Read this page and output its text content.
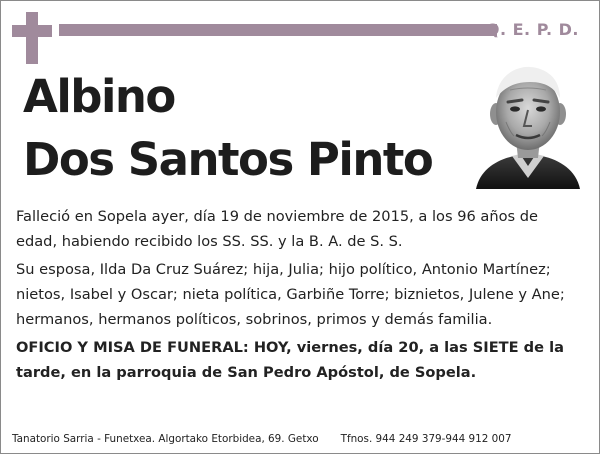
Q. E. P. D.
Albino
Dos Santos Pinto
Falleció en Sopela ayer, día 19 de noviembre de 2015, a los 96 años de edad, habiendo recibido los SS. SS. y la B. A. de S. S.
Su esposa, Ilda Da Cruz Suárez; hija, Julia; hijo político, Antonio Martínez; nietos, Isabel y Oscar; nieta política, Garbiñe Torre; biznietos, Julene y Ane; hermanos, hermanos políticos, sobrinos, primos y demás familia.
OFICIO Y MISA DE FUNERAL: HOY, viernes, día 20, a las SIETE de la tarde, en la parroquia de San Pedro Apóstol, de Sopela.
Tanatorio Sarria - Funetxea. Algortako Etorbidea, 69. Getxo Tfnos. 944 249 379-944 912 007
